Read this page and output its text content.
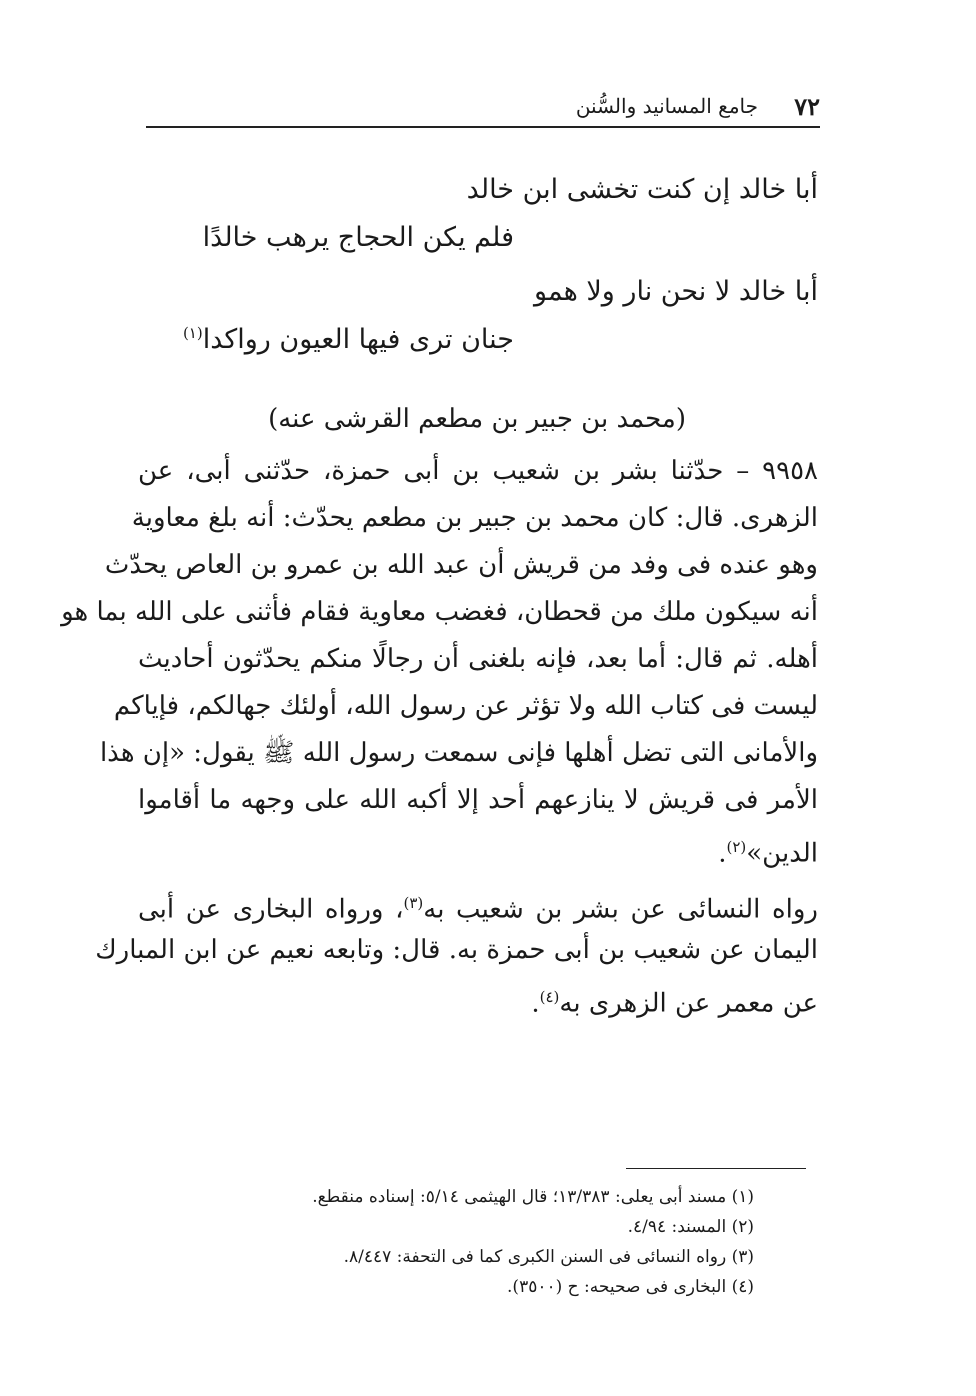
٧٢
جامع المسانيد والسُّنن
أبا خالد إن كنت تخشى ابن خالد
فلم يكن الحجاج يرهب خالدًا
أبا خالد لا نحن نار ولا همو
جنان ترى فيها العيون رواكدا$^{(١)}$
(محمد بن جبير بن مطعم القرشى عنه)
٩٩٥٨ – حدّثنا بشر بن شعيب بن أبى حمزة، حدّثنى أبى، عن
الزهرى. قال: كان محمد بن جبير بن مطعم يحدّث: أنه بلغ معاوية
وهو عنده فى وفد من قريش أن عبد الله بن عمرو بن العاص يحدّث
أنه سيكون ملك من قحطان، فغضب معاوية فقام فأثنى على الله بما هو
أهله. ثم قال: أما بعد، فإنه بلغنى أن رجالًا منكم يحدّثون أحاديث
ليست فى كتاب الله ولا تؤثر عن رسول الله، أولئك جهالكم، فإياكم
والأمانى التى تضل أهلها فإنى سمعت رسول الله ﷺ يقول: «إن هذا
الأمر فى قريش لا ينازعهم أحد إلا أكبه الله على وجهه ما أقاموا
الدين»$^{(٢)}$.
رواه النسائى عن بشر بن شعيب به$^{(٣)}$، ورواه البخارى عن أبى
اليمان عن شعيب بن أبى حمزة به. قال: وتابعه نعيم عن ابن المبارك
عن معمر عن الزهرى به$^{(٤)}$.
(١) مسند أبى يعلى: ١٣/٣٨٣؛ قال الهيثمى ٥/١٤: إسناده منقطع.
(٢) المسند: ٤/٩٤.
(٣) رواه النسائى فى السنن الكبرى كما فى التحفة: ٨/٤٤٧.
(٤) البخارى فى صحيحه: ح (٣٥٠٠).
